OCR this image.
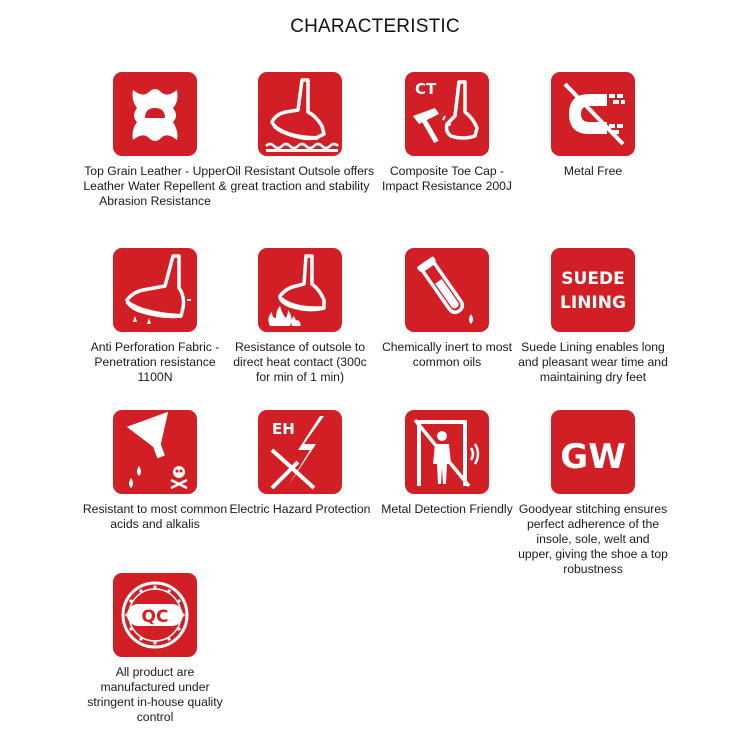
CHARACTERISTIC
Top Grain Leather - Upper Leather Water Repellent & Abrasion Resistance
Oil Resistant Outsole offers great traction and stability
CT
Composite Toe Cap - Impact Resistance 200J
Metal Free
Anti Perforation Fabric - Penetration resistance 1100N
Resistance of outsole to direct heat contact (300c for min of 1 min)
Chemically inert to most common oils
SUEDE
LINING
Suede Lining enables long and pleasant wear time and maintaining dry feet
Resistant to most common acids and alkalis
EH
Electric Hazard Protection Metal Detection Friendly
GW
Goodyear stitching ensures perfect adherence of the insole, sole, welt and upper, giving the shoe a top robustness
QC
All product are manufactured under stringent in-house quality control
